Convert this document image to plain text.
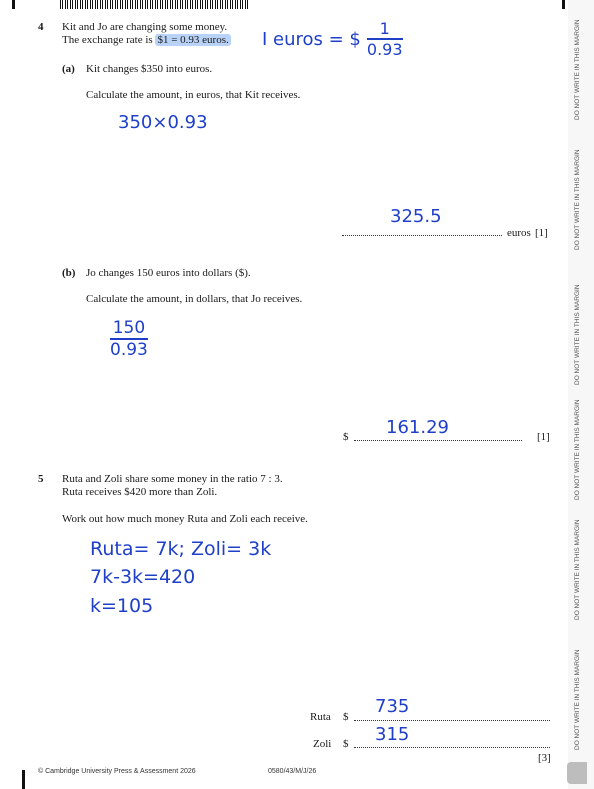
4 Kit and Jo are changing some money.
The exchange rate is $1 = 0.93 euros. I euros = $ $\frac{1}{0.93}$
(a) Kit changes $350 into euros.
Calculate the amount, in euros, that Kit receives.
350×0.93
325.5
euros [1]
(b) Jo changes 150 euros into dollars ($).
Calculate the amount, in dollars, that Jo receives.
150
0.93
$ 161.29	[1]
5 Ruta and Zoli share some money in the ratio 7 : 3.
Ruta receives $420 more than Zoli.
Work out how much money Ruta and Zoli each receive.
Ruta= 7k; Zoli= 3k
7k-3k=420
k=105
Ruta $ 735
Zoli $ 315
[3]
© Cambridge University Press & Assessment 2026	0580/43/M/J/26
DO NOT WRITE IN THIS MARGIN
DO NOT WRITE IN THIS MARGIN
DO NOT WRITE IN THIS MARGIN
DO NOT WRITE IN THIS MARGIN
DO NOT WRITE IN THIS MARGIN
DO NOT WRITE IN THIS MARGIN
